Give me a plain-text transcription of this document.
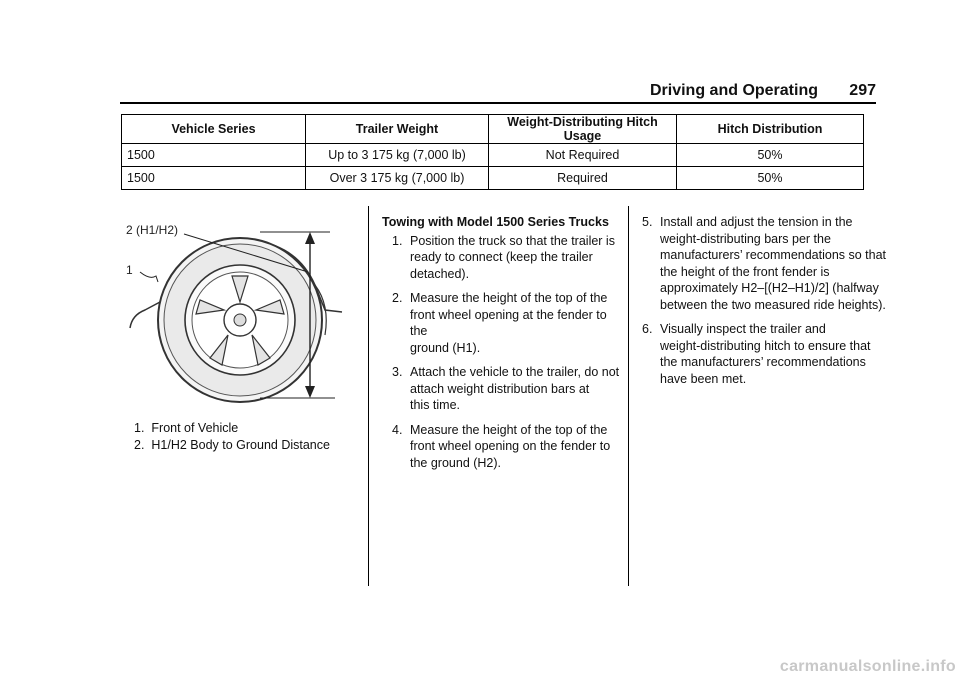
Driving and Operating 297
Vehicle Series	Trailer Weight	Weight-Distributing Hitch Usage	Hitch Distribution
1500	Up to 3 175 kg (7,000 lb)	Not Required	50%
1500	Over 3 175 kg (7,000 lb)	Required	50%
2 (H1/H2)
1
1. Front of Vehicle
2. H1/H2 Body to Ground Distance
Towing with Model 1500 Series Trucks
1. Position the truck so that the trailer is
ready to connect (keep the trailer
detached).
2. Measure the height of the top of the
front wheel opening at the fender to the
ground (H1).
3. Attach the vehicle to the trailer, do not
attach weight distribution bars at
this time.
4. Measure the height of the top of the
front wheel opening on the fender to
the ground (H2).
5. Install and adjust the tension in the
weight-distributing bars per the
manufacturers’ recommendations so that
the height of the front fender is
approximately H2–[(H2–H1)/2] (halfway
between the two measured ride heights).
6. Visually inspect the trailer and
weight-distributing hitch to ensure that
the manufacturers’ recommendations
have been met.
carmanualsonline.info
